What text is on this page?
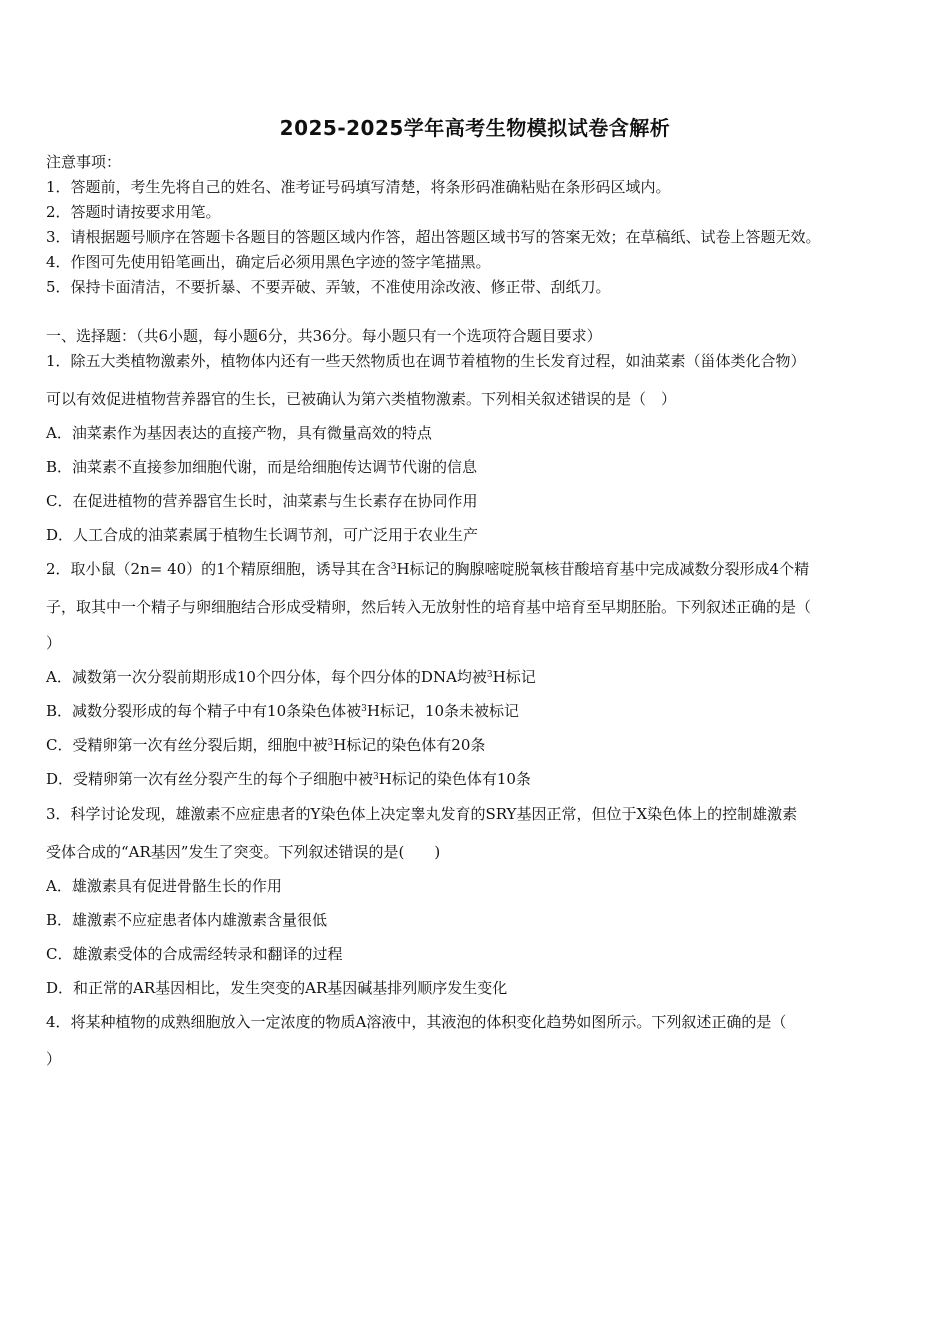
2025-2025学年高考生物模拟试卷含解析
注意事项：
1．答题前，考生先将自己的姓名、准考证号码填写清楚，将条形码准确粘贴在条形码区域内。
2．答题时请按要求用笔。
3．请根据题号顺序在答题卡各题目的答题区域内作答，超出答题区域书写的答案无效；在草稿纸、试卷上答题无效。
4．作图可先使用铅笔画出，确定后必须用黑色字迹的签字笔描黑。
5．保持卡面清洁，不要折暴、不要弄破、弄皱，不准使用涂改液、修正带、刮纸刀。
一、选择题：（共6小题，每小题6分，共36分。每小题只有一个选项符合题目要求）
1．除五大类植物激素外，植物体内还有一些天然物质也在调节着植物的生长发育过程，如油菜素（甾体类化合物）
可以有效促进植物营养器官的生长，已被确认为第六类植物激素。下列相关叙述错误的是（　）
A．油菜素作为基因表达的直接产物，具有微量高效的特点
B．油菜素不直接参加细胞代谢，而是给细胞传达调节代谢的信息
C．在促进植物的营养器官生长时，油菜素与生长素存在协同作用
D．人工合成的油菜素属于植物生长调节剂，可广泛用于农业生产
2．取小鼠（2n= 40）的1个精原细胞，诱导其在含$^3$H标记的胸腺嘧啶脱氧核苷酸培育基中完成减数分裂形成4个精
子，取其中一个精子与卵细胞结合形成受精卵，然后转入无放射性的培育基中培育至早期胚胎。下列叙述正确的是（
）
A．减数第一次分裂前期形成10个四分体，每个四分体的DNA均被$^3$H标记
B．减数分裂形成的每个精子中有10条染色体被$^3$H标记，10条未被标记
C．受精卵第一次有丝分裂后期，细胞中被$^3$H标记的染色体有20条
D．受精卵第一次有丝分裂产生的每个子细胞中被$^3$H标记的染色体有10条
3．科学讨论发现，雄激素不应症患者的Y染色体上决定睾丸发育的SRY基因正常，但位于X染色体上的控制雄激素
受体合成的“AR基因”发生了突变。下列叙述错误的是(　　)
A．雄激素具有促进骨骼生长的作用
B．雄激素不应症患者体内雄激素含量很低
C．雄激素受体的合成需经转录和翻译的过程
D．和正常的AR基因相比，发生突变的AR基因碱基排列顺序发生变化
4．将某种植物的成熟细胞放入一定浓度的物质A溶液中，其液泡的体积变化趋势如图所示。下列叙述正确的是（
）
